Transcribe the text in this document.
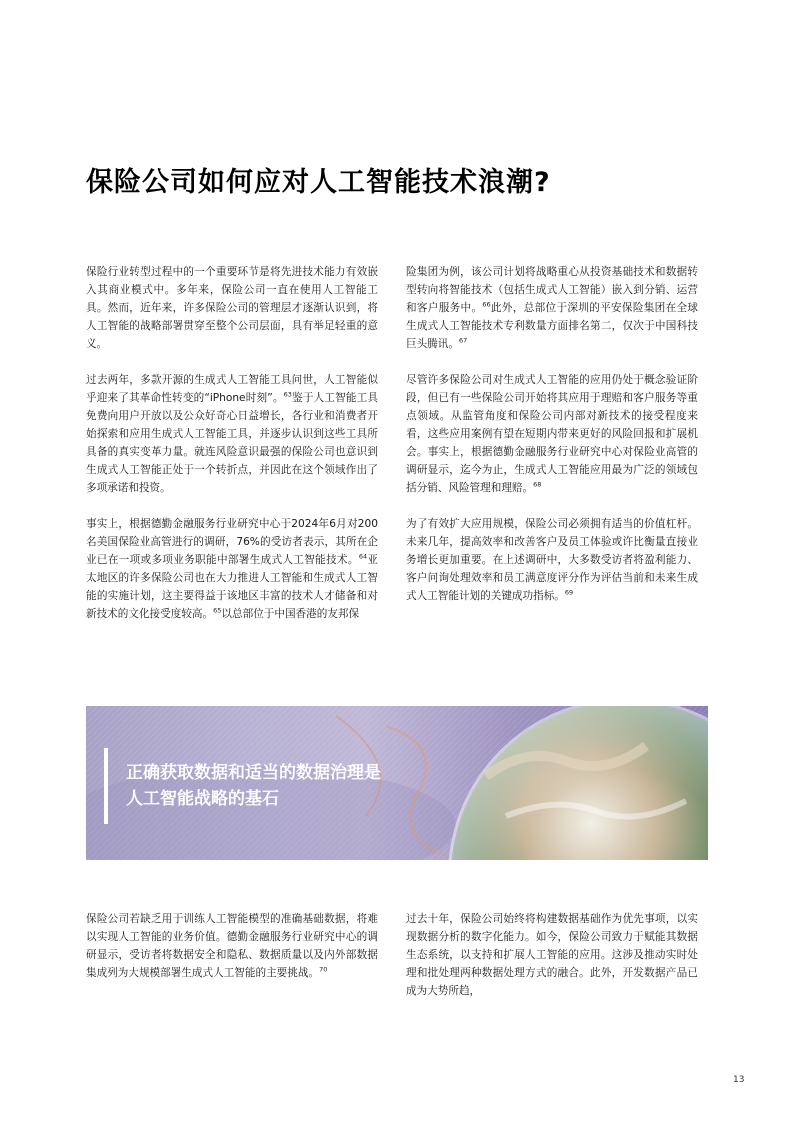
保险公司如何应对人工智能技术浪潮?

保险行业转型过程中的一个重要环节是将先进技术能力有效嵌入其商业模式中。多年来，保险公司一直在使用人工智能工具。然而，近年来，许多保险公司的管理层才逐渐认识到，将人工智能的战略部署贯穿至整个公司层面，具有举足轻重的意义。

过去两年，多款开源的生成式人工智能工具问世，人工智能似乎迎来了其革命性转变的“iPhone时刻”。$^{63}$鉴于人工智能工具免费向用户开放以及公众好奇心日益增长，各行业和消费者开始探索和应用生成式人工智能工具，并逐步认识到这些工具所具备的真实变革力量。就连风险意识最强的保险公司也意识到生成式人工智能正处于一个转折点，并因此在这个领域作出了多项承诺和投资。

事实上，根据德勤金融服务行业研究中心于2024年6月对200名美国保险业高管进行的调研，76%的受访者表示，其所在企业已在一项或多项业务职能中部署生成式人工智能技术。$^{64}$亚太地区的许多保险公司也在大力推进人工智能和生成式人工智能的实施计划，这主要得益于该地区丰富的技术人才储备和对新技术的文化接受度较高。$^{65}$以总部位于中国香港的友邦保

险集团为例，该公司计划将战略重心从投资基础技术和数据转型转向将智能技术（包括生成式人工智能）嵌入到分销、运营和客户服务中。$^{66}$此外，总部位于深圳的平安保险集团在全球生成式人工智能技术专利数量方面排名第二，仅次于中国科技巨头腾讯。$^{67}$

尽管许多保险公司对生成式人工智能的应用仍处于概念验证阶段，但已有一些保险公司开始将其应用于理赔和客户服务等重点领域。从监管角度和保险公司内部对新技术的接受程度来看，这些应用案例有望在短期内带来更好的风险回报和扩展机会。事实上，根据德勤金融服务行业研究中心对保险业高管的调研显示，迄今为止，生成式人工智能应用最为广泛的领域包括分销、风险管理和理赔。$^{68}$

为了有效扩大应用规模，保险公司必须拥有适当的价值杠杆。未来几年，提高效率和改善客户及员工体验或许比衡量直接业务增长更加重要。在上述调研中，大多数受访者将盈利能力、客户问询处理效率和员工满意度评分作为评估当前和未来生成式人工智能计划的关键成功指标。$^{69}$

正确获取数据和适当的数据治理是
人工智能战略的基石

保险公司若缺乏用于训练人工智能模型的准确基础数据，将难以实现人工智能的业务价值。德勤金融服务行业研究中心的调研显示，受访者将数据安全和隐私、数据质量以及内外部数据集成列为大规模部署生成式人工智能的主要挑战。$^{70}$

过去十年，保险公司始终将构建数据基础作为优先事项，以实现数据分析的数字化能力。如今，保险公司致力于赋能其数据生态系统，以支持和扩展人工智能的应用。这涉及推动实时处理和批处理两种数据处理方式的融合。此外，开发数据产品已成为大势所趋，

13
